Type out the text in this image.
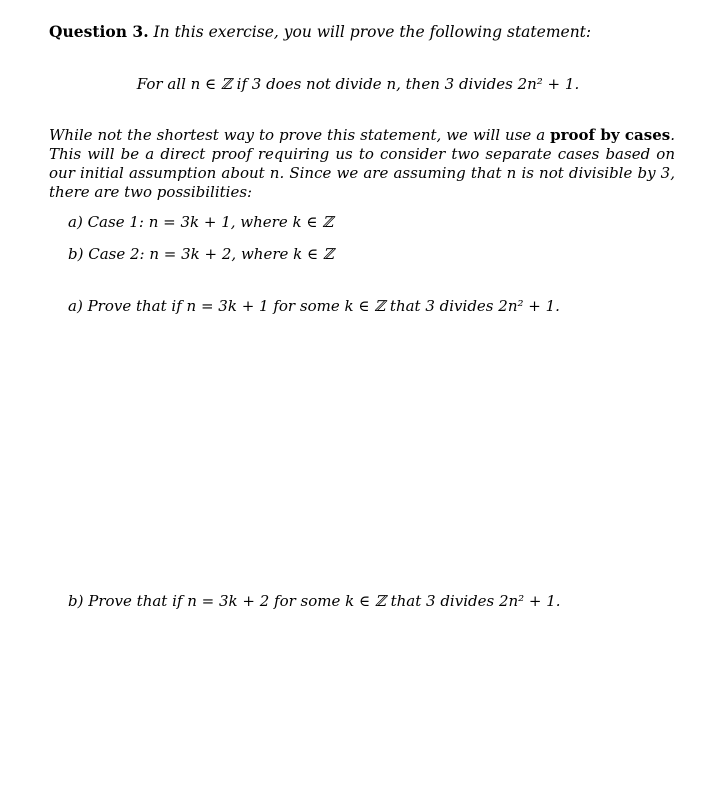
Question 3. In this exercise, you will prove the following statement:
For all n ∈ ℤ if 3 does not divide n, then 3 divides 2n² + 1.
While not the shortest way to prove this statement, we will use a proof by cases. This will be a direct proof requiring us to consider two separate cases based on our initial assumption about n. Since we are assuming that n is not divisible by 3, there are two possibilities:
a) Case 1: n = 3k + 1, where k ∈ ℤ
b) Case 2: n = 3k + 2, where k ∈ ℤ
a) Prove that if n = 3k + 1 for some k ∈ ℤ that 3 divides 2n² + 1.
b) Prove that if n = 3k + 2 for some k ∈ ℤ that 3 divides 2n² + 1.
